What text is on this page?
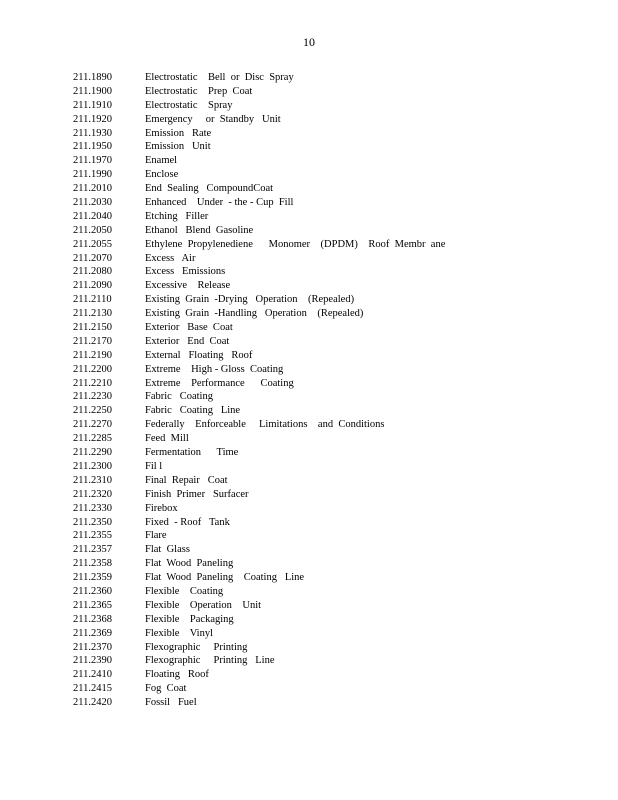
10
211.1890	Electrostatic    Bell  or  Disc  Spray
211.1900	Electrostatic    Prep  Coat
211.1910	Electrostatic    Spray
211.1920	Emergency     or  Standby   Unit
211.1930	Emission   Rate
211.1950	Emission   Unit
211.1970	Enamel
211.1990	Enclose
211.2010	End  Sealing   CompoundCoat
211.2030	Enhanced    Under  - the - Cup  Fill
211.2040	Etching   Filler
211.2050	Ethanol   Blend  Gasoline
211.2055	Ethylene  Propylenediene      Monomer    (DPDM)    Roof  Membr  ane
211.2070	Excess   Air
211.2080	Excess   Emissions
211.2090	Excessive    Release
211.2110	Existing  Grain  -Drying   Operation    (Repealed)
211.2130	Existing  Grain  -Handling   Operation    (Repealed)
211.2150	Exterior   Base  Coat
211.2170	Exterior   End  Coat
211.2190	External   Floating   Roof
211.2200	Extreme    High - Gloss  Coating
211.2210	Extreme    Performance      Coating
211.2230	Fabric   Coating
211.2250	Fabric   Coating   Line
211.2270	Federally    Enforceable     Limitations    and  Conditions
211.2285	Feed  Mill
211.2290	Fermentation      Time
211.2300	Fil l
211.2310	Final  Repair   Coat
211.2320	Finish  Primer   Surfacer
211.2330	Firebox
211.2350	Fixed  - Roof   Tank
211.2355	Flare
211.2357	Flat  Glass
211.2358	Flat  Wood  Paneling
211.2359	Flat  Wood  Paneling    Coating   Line
211.2360	Flexible    Coating
211.2365	Flexible    Operation    Unit
211.2368	Flexible    Packaging
211.2369	Flexible    Vinyl
211.2370	Flexographic     Printing
211.2390	Flexographic     Printing   Line
211.2410	Floating   Roof
211.2415	Fog  Coat
211.2420	Fossil   Fuel
